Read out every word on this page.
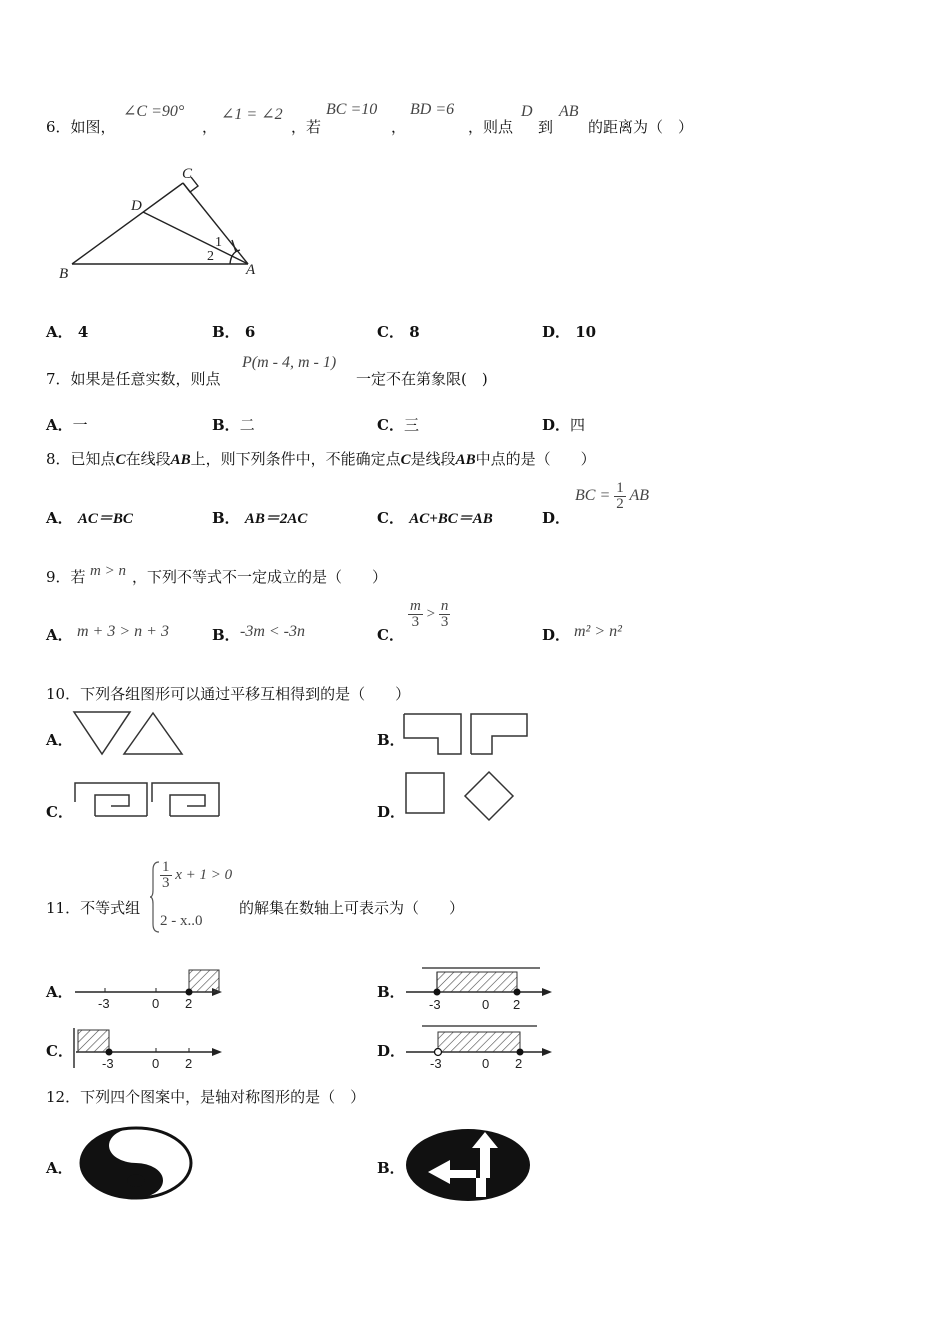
6．如图，
∠C =90°
，
∠1 = ∠2
，若
BC =10
，
BD =6
，则点
D
到
AB
的距离为（　）
C
D
B	A
1
2
A． 4	B． 6	C． 8	D． 10
7．如果是任意实数，则点
P(m - 4, m - 1)
一定不在第象限(　)
A．一	B．二	C．三	D．四
8．已知点C在线段AB上，则下列条件中，不能确定点C是线段AB中点的是（　　）
A． AC＝BC	B． AB＝2AC	C． AC+BC＝AB	D．
BC = $\frac{1}{2}$ AB
9．若 m > n ，下列不等式不一定成立的是（　　）
A． m + 3 > n + 3	B． -3m < -3n	C．
$\frac{m}{3} > \frac{n}{3}$
D． m² > n²
10．下列各组图形可以通过平移互相得到的是（　　）
A．	B．
C．	D．
11．不等式组
$\frac{1}{3}$ x + 1 > 0
2 - x..0
的解集在数轴上可表示为（　　）
-3	0 2	-3	0 2
-3	0 2	-3	0 2
A．	B．
C．	D．
12．下列四个图案中，是轴对称图形的是（　）
A．	B．
